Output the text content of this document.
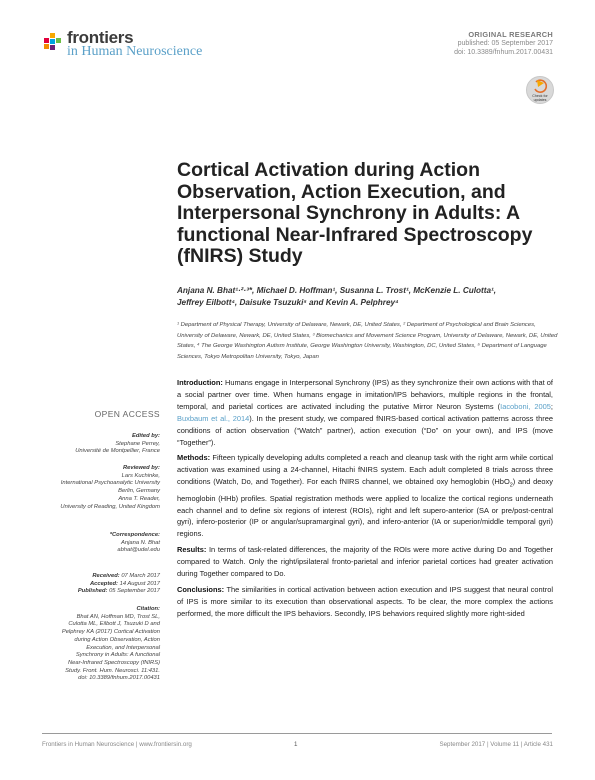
frontiers
in Human Neuroscience
ORIGINAL RESEARCH
published: 05 September 2017
doi: 10.3389/fnhum.2017.00431
Check for updates
Cortical Activation during Action Observation, Action Execution, and Interpersonal Synchrony in Adults: A functional Near-Infrared Spectroscopy (fNIRS) Study
Anjana N. Bhat¹·²·³*, Michael D. Hoffman¹, Susanna L. Trost¹, McKenzie L. Culotta¹,
Jeffrey Eilbott⁴, Daisuke Tsuzuki⁵ and Kevin A. Pelphrey⁴
¹ Department of Physical Therapy, University of Delaware, Newark, DE, United States, ² Department of Psychological and Brain Sciences, University of Delaware, Newark, DE, United States, ³ Biomechanics and Movement Science Program, University of Delaware, Newark, DE, United States, ⁴ The George Washington Autism Institute, George Washington University, Washington, DC, United States, ⁵ Department of Language Sciences, Tokyo Metropolitan University, Tokyo, Japan
OPEN ACCESS
Edited by:
Stephane Perrey,
Université de Montpellier, France
Reviewed by:
Lars Kuchinke,
International Psychoanalytic University
Berlin, Germany
Anna T. Reader,
University of Reading, United Kingdom
*Correspondence:
Anjana N. Bhat
abhat@udel.edu
Received: 07 March 2017
Accepted: 14 August 2017
Published: 05 September 2017
Citation:
Bhat AN, Hoffman MD, Trost SL,
Culotta ML, Eilbott J, Tsuzuki D and
Pelphrey KA (2017) Cortical Activation
during Action Observation, Action
Execution, and Interpersonal
Synchrony in Adults: A functional
Near-Infrared Spectroscopy (fNIRS)
Study. Front. Hum. Neurosci. 11:431.
doi: 10.3389/fnhum.2017.00431

Introduction: Humans engage in Interpersonal Synchrony (IPS) as they synchronize their own actions with that of a social partner over time. When humans engage in imitation/IPS behaviors, multiple regions in the frontal, temporal, and parietal cortices are activated including the putative Mirror Neuron Systems (Iacoboni, 2005; Buxbaum et al., 2014). In the present study, we compared fNIRS-based cortical activation patterns across three conditions of action observation (“Watch” partner), action execution (“Do” on your own), and IPS (move “Together”).

Methods: Fifteen typically developing adults completed a reach and cleanup task with the right arm while cortical activation was examined using a 24-channel, Hitachi fNIRS system. Each adult completed 8 trials across three conditions (Watch, Do, and Together). For each fNIRS channel, we obtained oxy hemoglobin (HbO$_2$) and deoxy hemoglobin (HHb) profiles. Spatial registration methods were applied to localize the cortical regions underneath each channel and to define six regions of interest (ROIs), right and left supero-anterior (SA or pre/post-central gyri), infero-posterior (IP or angular/supramarginal gyri), and infero-anterior (IA or superior/middle temporal gyri) regions.

Results: In terms of task-related differences, the majority of the ROIs were more active during Do and Together compared to Watch. Only the right/ipsilateral fronto-parietal and inferior parietal cortices had greater activation during Together compared to Do.

Conclusions: The similarities in cortical activation between action execution and IPS suggest that neural control of IPS is more similar to its execution than observational aspects. To be clear, the more complex the actions performed, the more difficult the IPS behaviors. Secondly, IPS behaviors required slightly more right-sided

Frontiers in Human Neuroscience | www.frontiersin.org	1	September 2017 | Volume 11 | Article 431
